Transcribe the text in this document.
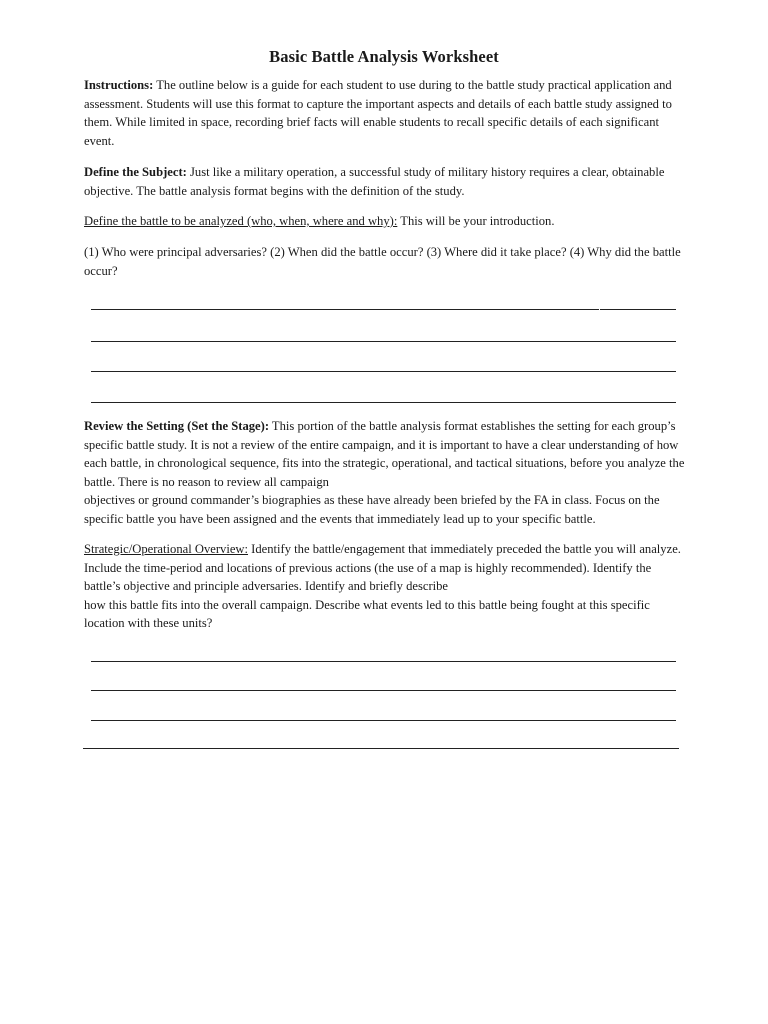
Basic Battle Analysis Worksheet
Instructions: The outline below is a guide for each student to use during to the battle study practical application and assessment. Students will use this format to capture the important aspects and details of each battle study assigned to them. While limited in space, recording brief facts will enable students to recall specific details of each significant event.
Define the Subject: Just like a military operation, a successful study of military history requires a clear, obtainable objective. The battle analysis format begins with the definition of the study.
Define the battle to be analyzed (who, when, where and why): This will be your introduction.
(1) Who were principal adversaries? (2) When did the battle occur? (3) Where did it take place? (4) Why did the battle occur?
Review the Setting (Set the Stage): This portion of the battle analysis format establishes the setting for each group’s specific battle study. It is not a review of the entire campaign, and it is important to have a clear understanding of how each battle, in chronological sequence, fits into the strategic, operational, and tactical situations, before you analyze the battle. There is no reason to review all campaign
objectives or ground commander’s biographies as these have already been briefed by the FA in class. Focus on the specific battle you have been assigned and the events that immediately lead up to your specific battle.
Strategic/Operational Overview: Identify the battle/engagement that immediately preceded the battle you will analyze. Include the time-period and locations of previous actions (the use of a map is highly recommended). Identify the battle’s objective and principle adversaries. Identify and briefly describe
how this battle fits into the overall campaign. Describe what events led to this battle being fought at this specific location with these units?
